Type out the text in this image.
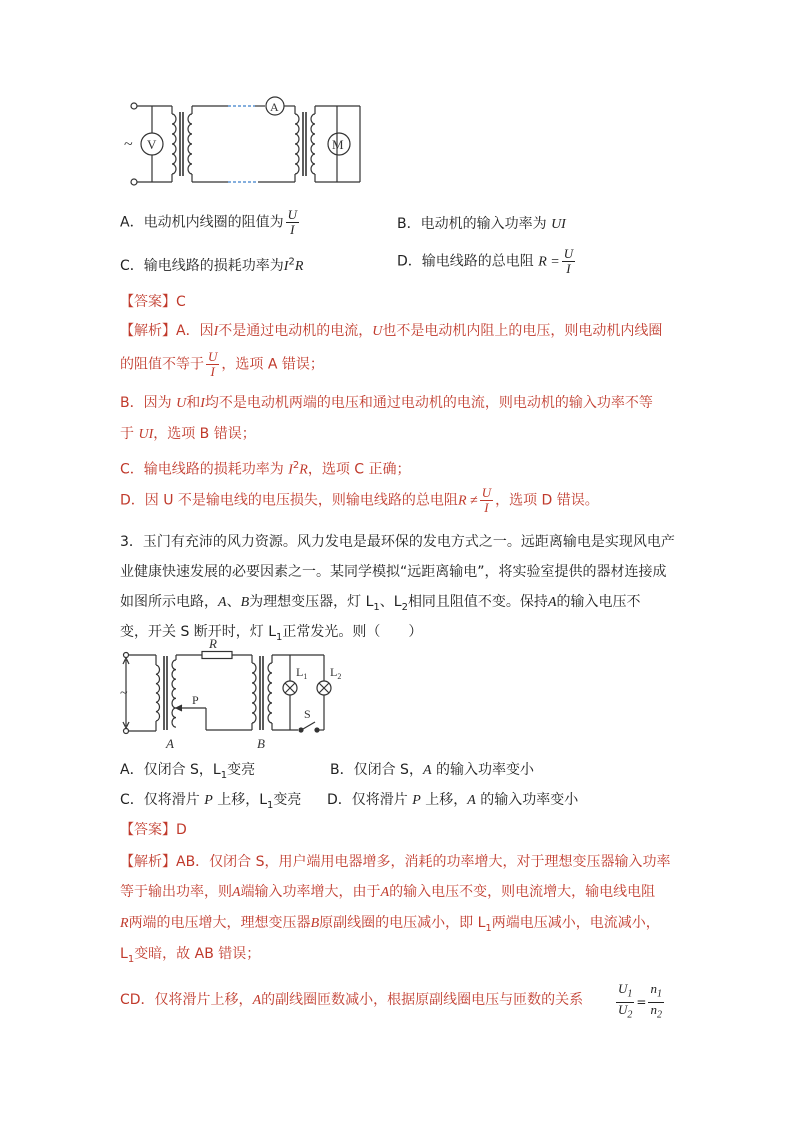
~ V
A
M
A．电动机内线圈的阻值为 $\frac{U}{I}$	B．电动机的输入功率为 UI
C．输电线路的损耗功率为$I^2R$	D．输电线路的总电阻 $R = \frac{U}{I}$
【答案】C
【解析】A．因I不是通过电动机的电流，U也不是电动机内阻上的电压，则电动机内线圈
的阻值不等于 $\frac{U}{I}$ ，选项 A 错误；
B．因为 U和I均不是电动机两端的电压和通过电动机的电流，则电动机的输入功率不等
于 UI，选项 B 错误；
C．输电线路的损耗功率为 $I^2R$，选项 C 正确；
D．因 U 不是输电线的电压损失，则输电线路的总电阻$R \ne \frac{U}{I}$ ，选项 D 错误。
3．玉门有充沛的风力资源。风力发电是最环保的发电方式之一。远距离输电是实现风电产
业健康快速发展的必要因素之一。某同学模拟“远距离输电”，将实验室提供的器材连接成
如图所示电路，A、B为理想变压器，灯 $L_1$、$L_2$相同且阻值不变。保持A的输入电压不
变，开关 S 断开时，灯 $L_1$正常发光。则（　　）
~
R
P
A	B
$L_1$ $L_2$
S
A．仅闭合 S，$L_1$变亮	B．仅闭合 S，A 的输入功率变小
C．仅将滑片 P 上移，$L_1$变亮 D．仅将滑片 P 上移，A 的输入功率变小
【答案】D
【解析】AB．仅闭合 S，用户端用电器增多，消耗的功率增大，对于理想变压器输入功率
等于输出功率，则A端输入功率增大，由于A的输入电压不变，则电流增大，输电线电阻
R两端的电压增大，理想变压器B原副线圈的电压减小，即 $L_1$两端电压减小，电流减小，
$L_1$变暗，故 AB 错误；
CD．仅将滑片上移，A的副线圈匝数减小，根据原副线圈电压与匝数的关系	$\frac{U_1}{U_2} = \frac{n_1}{n_2}$
